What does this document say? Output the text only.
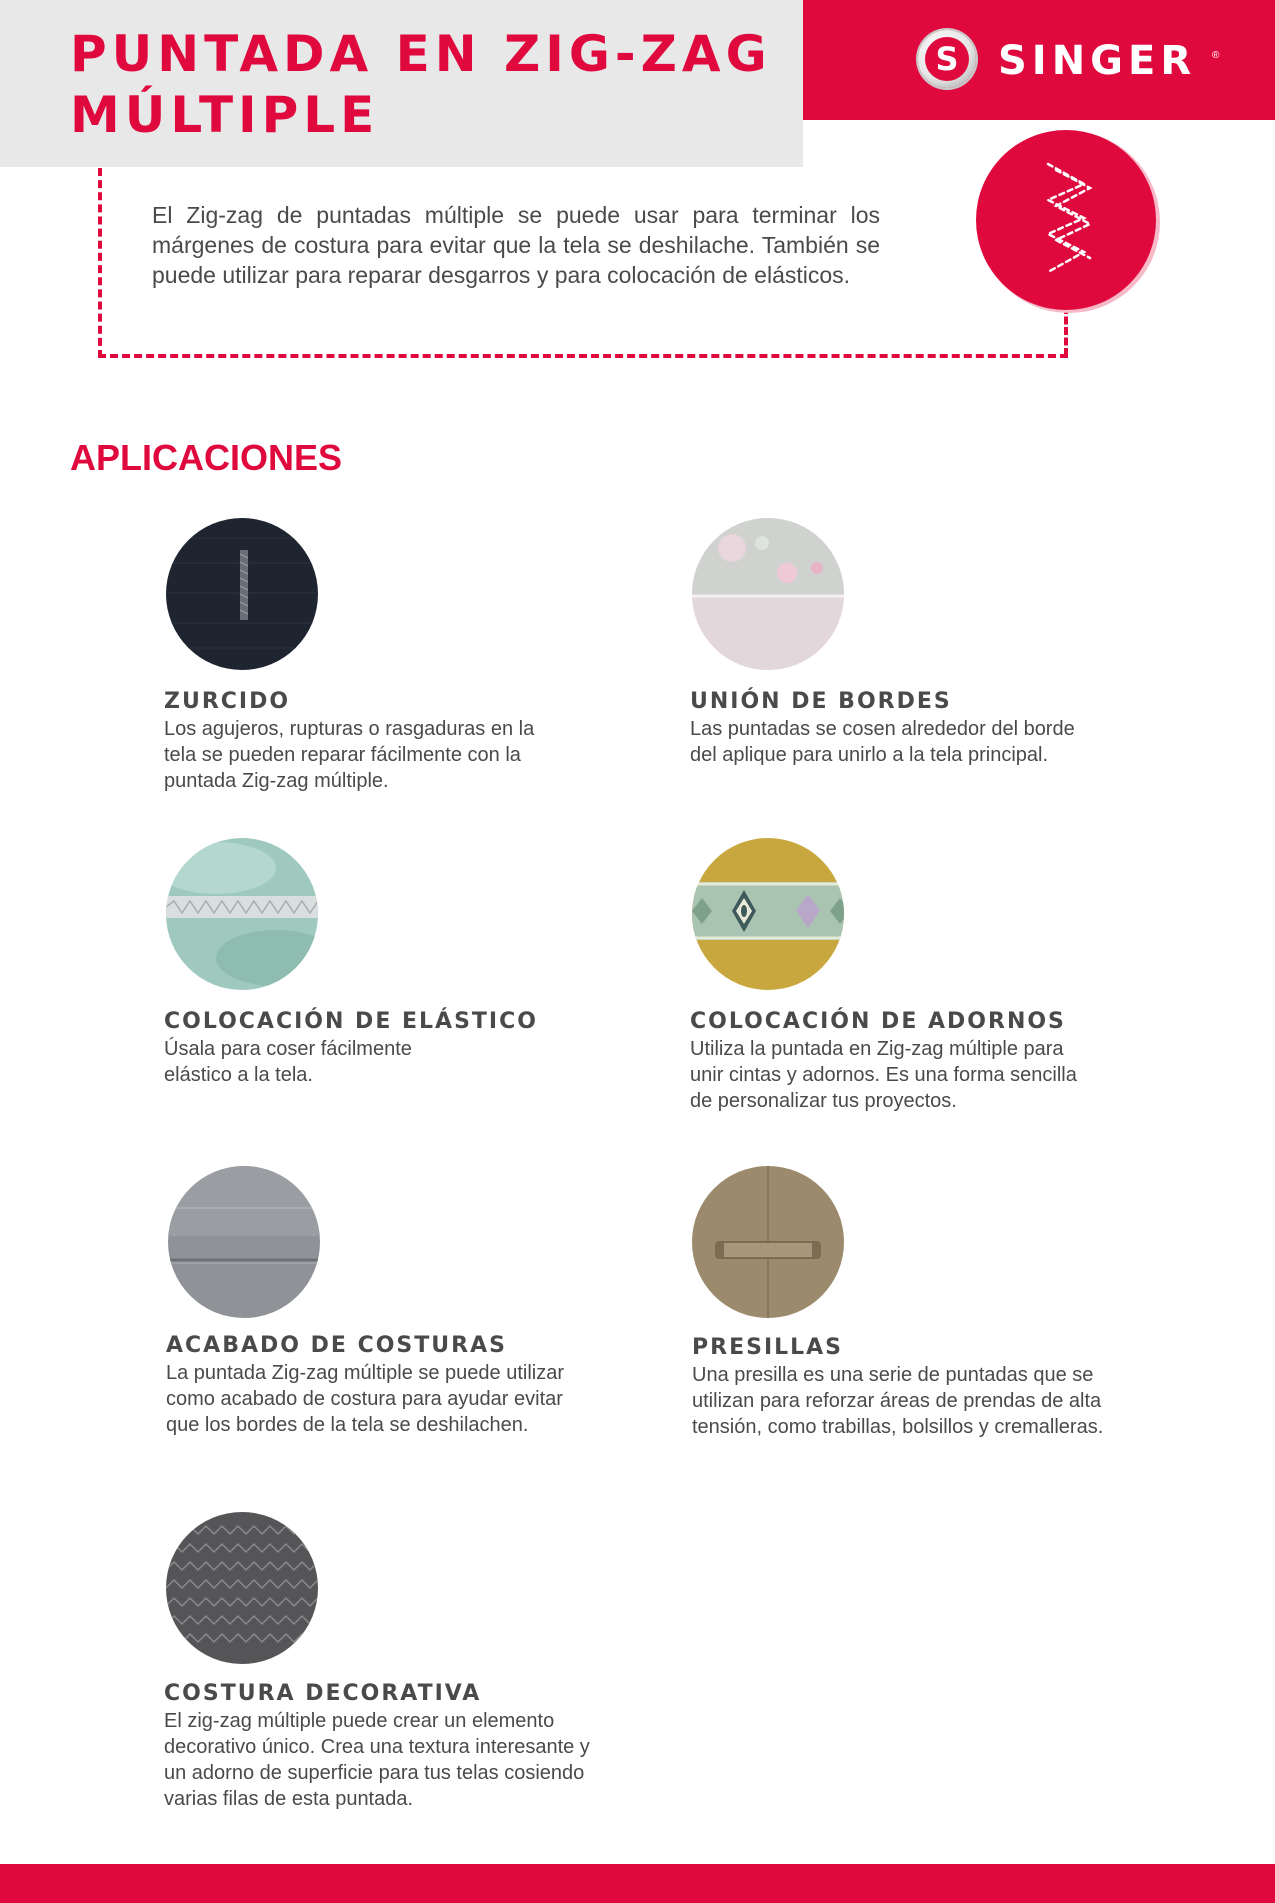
PUNTADA EN ZIG-ZAG
MÚLTIPLE
S SINGER ®

El Zig-zag de puntadas múltiple se puede usar para terminar los márgenes de costura para evitar que la tela se deshilache. También se puede utilizar para reparar desgarros y para colocación de elásticos.

APLICACIONES
ZURCIDO

Los agujeros, rupturas o rasgaduras en la tela se pueden reparar fácilmente con la puntada Zig-zag múltiple.

UNIÓN DE BORDES

Las puntadas se cosen alrededor del borde del aplique para unirlo a la tela principal.

COLOCACIÓN DE ELÁSTICO

Úsala para coser fácilmente elástico a la tela.

COLOCACIÓN DE ADORNOS

Utiliza la puntada en Zig-zag múltiple para unir cintas y adornos. Es una forma sencilla de personalizar tus proyectos.

ACABADO DE COSTURAS

La puntada Zig-zag múltiple se puede utilizar como acabado de costura para ayudar evitar que los bordes de la tela se deshilachen.

PRESILLAS

Una presilla es una serie de puntadas que se utilizan para reforzar áreas de prendas de alta tensión, como trabillas, bolsillos y cremalleras.

COSTURA DECORATIVA

El zig-zag múltiple puede crear un elemento decorativo único. Crea una textura interesante y un adorno de superficie para tus telas cosiendo varias filas de esta puntada.
